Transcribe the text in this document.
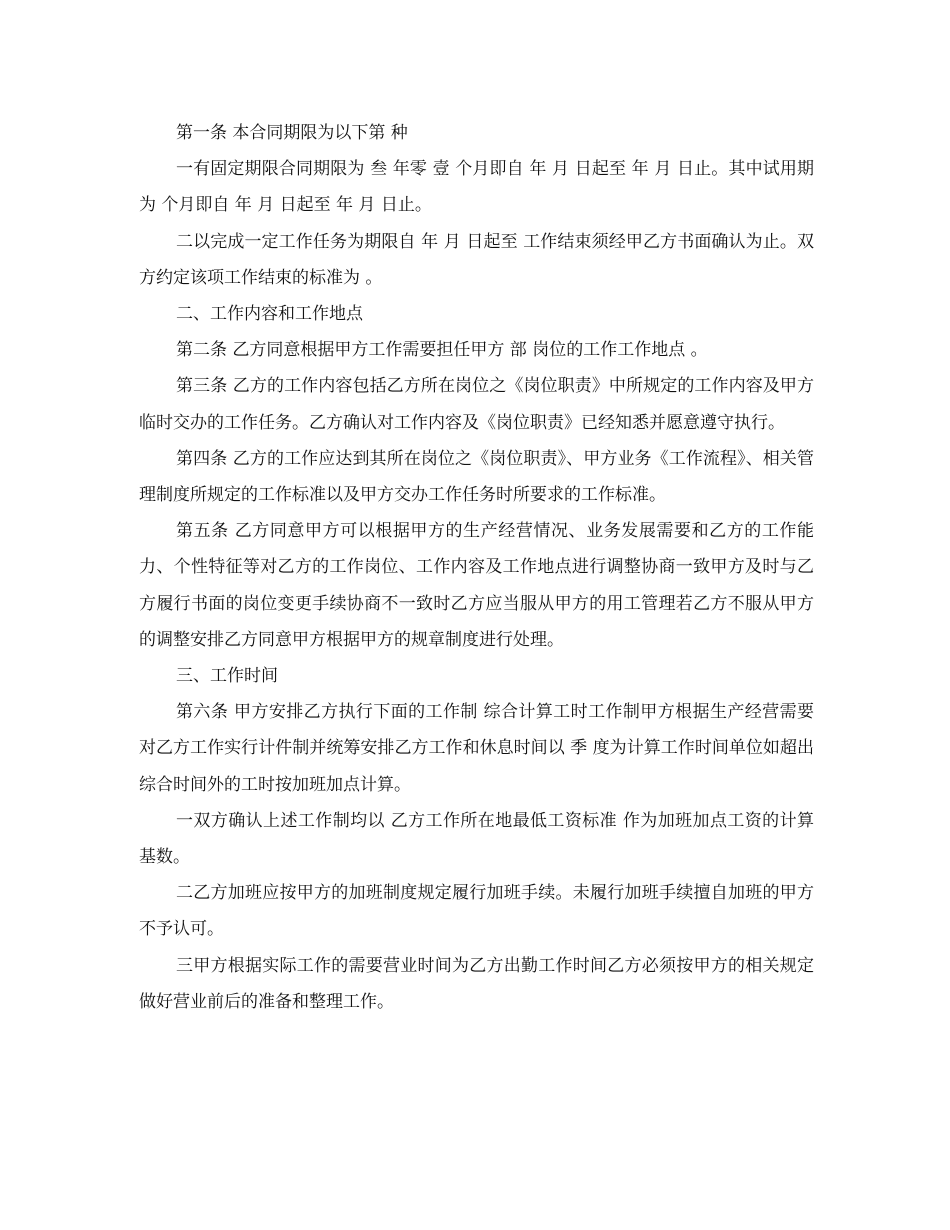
第一条 本合同期限为以下第 种

一有固定期限合同期限为 叁 年零 壹 个月即自 年 月 日起至 年 月 日止。其中试用期为 个月即自 年 月 日起至 年 月 日止。

二以完成一定工作任务为期限自 年 月 日起至 工作结束须经甲乙方书面确认为止。双方约定该项工作结束的标准为 。

二、工作内容和工作地点

第二条 乙方同意根据甲方工作需要担任甲方 部 岗位的工作工作地点 。

第三条 乙方的工作内容包括乙方所在岗位之《岗位职责》中所规定的工作内容及甲方临时交办的工作任务。乙方确认对工作内容及《岗位职责》已经知悉并愿意遵守执行。

第四条 乙方的工作应达到其所在岗位之《岗位职责》、甲方业务《工作流程》、相关管理制度所规定的工作标准以及甲方交办工作任务时所要求的工作标准。

第五条 乙方同意甲方可以根据甲方的生产经营情况、业务发展需要和乙方的工作能力、个性特征等对乙方的工作岗位、工作内容及工作地点进行调整协商一致甲方及时与乙方履行书面的岗位变更手续协商不一致时乙方应当服从甲方的用工管理若乙方不服从甲方的调整安排乙方同意甲方根据甲方的规章制度进行处理。

三、工作时间

第六条 甲方安排乙方执行下面的工作制 综合计算工时工作制甲方根据生产经营需要对乙方工作实行计件制并统筹安排乙方工作和休息时间以 季 度为计算工作时间单位如超出综合时间外的工时按加班加点计算。

一双方确认上述工作制均以 乙方工作所在地最低工资标准 作为加班加点工资的计算基数。

二乙方加班应按甲方的加班制度规定履行加班手续。未履行加班手续擅自加班的甲方不予认可。

三甲方根据实际工作的需要营业时间为乙方出勤工作时间乙方必须按甲方的相关规定做好营业前后的准备和整理工作。
